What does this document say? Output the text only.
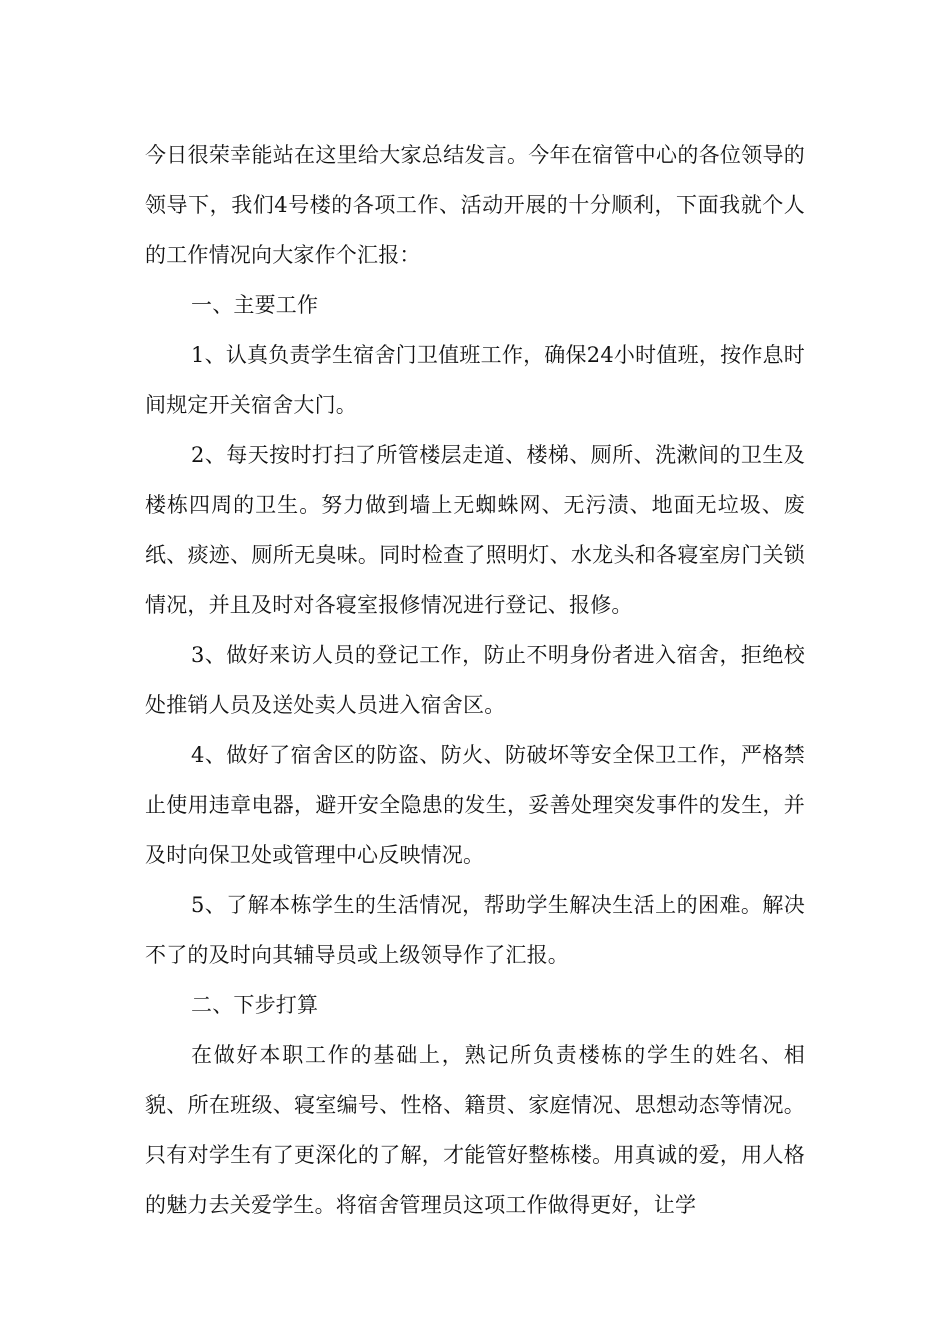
今日很荣幸能站在这里给大家总结发言。今年在宿管中心的各位领导的领导下，我们4号楼的各项工作、活动开展的十分顺利，下面我就个人的工作情况向大家作个汇报：

一、主要工作

1、认真负责学生宿舍门卫值班工作，确保24小时值班，按作息时间规定开关宿舍大门。

2、每天按时打扫了所管楼层走道、楼梯、厕所、洗漱间的卫生及楼栋四周的卫生。努力做到墙上无蜘蛛网、无污渍、地面无垃圾、废纸、痰迹、厕所无臭味。同时检查了照明灯、水龙头和各寝室房门关锁情况，并且及时对各寝室报修情况进行登记、报修。

3、做好来访人员的登记工作，防止不明身份者进入宿舍，拒绝校处推销人员及送处卖人员进入宿舍区。

4、做好了宿舍区的防盗、防火、防破坏等安全保卫工作，严格禁止使用违章电器，避开安全隐患的发生，妥善处理突发事件的发生，并及时向保卫处或管理中心反映情况。

5、了解本栋学生的生活情况，帮助学生解决生活上的困难。解决不了的及时向其辅导员或上级领导作了汇报。

二、下步打算

在做好本职工作的基础上，熟记所负责楼栋的学生的姓名、相貌、所在班级、寝室编号、性格、籍贯、家庭情况、思想动态等情况。只有对学生有了更深化的了解，才能管好整栋楼。用真诚的爱，用人格的魅力去关爱学生。将宿舍管理员这项工作做得更好，让学
